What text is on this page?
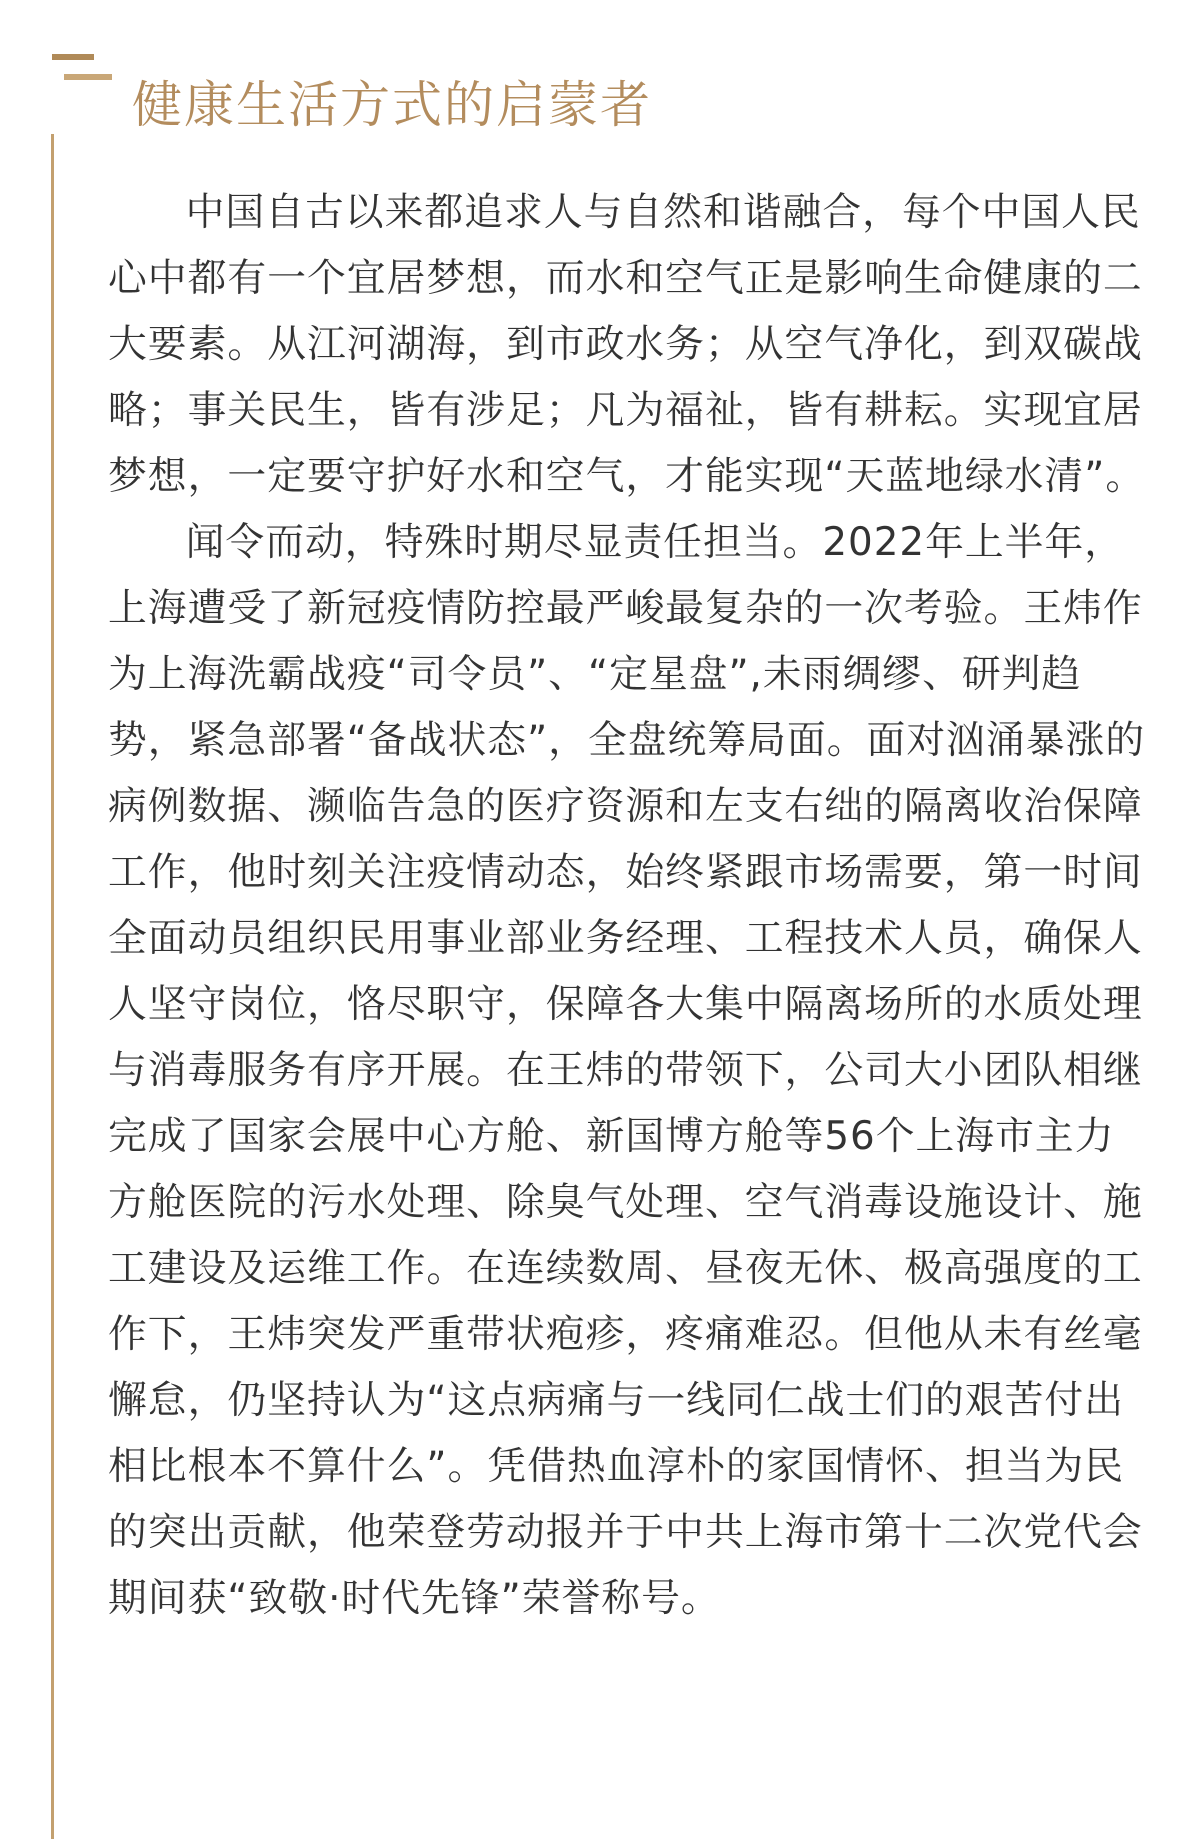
健康生活方式的启蒙者

中国自古以来都追求人与自然和谐融合，每个中国人民心中都有一个宜居梦想，而水和空气正是影响生命健康的二大要素。从江河湖海，到市政水务；从空气净化，到双碳战略；事关民生，皆有涉足；凡为福祉，皆有耕耘。实现宜居梦想，一定要守护好水和空气，才能实现“天蓝地绿水清”。

闻令而动，特殊时期尽显责任担当。2022年上半年，上海遭受了新冠疫情防控最严峻最复杂的一次考验。王炜作为上海洗霸战疫“司令员”、“定星盘”,未雨绸缪、研判趋势，紧急部署“备战状态”，全盘统筹局面。面对汹涌暴涨的病例数据、濒临告急的医疗资源和左支右绌的隔离收治保障工作，他时刻关注疫情动态，始终紧跟市场需要，第一时间全面动员组织民用事业部业务经理、工程技术人员，确保人人坚守岗位，恪尽职守，保障各大集中隔离场所的水质处理与消毒服务有序开展。在王炜的带领下，公司大小团队相继完成了国家会展中心方舱、新国博方舱等56个上海市主力方舱医院的污水处理、除臭气处理、空气消毒设施设计、施工建设及运维工作。在连续数周、昼夜无休、极高强度的工作下，王炜突发严重带状疱疹，疼痛难忍。但他从未有丝毫懈怠，仍坚持认为“这点病痛与一线同仁战士们的艰苦付出相比根本不算什么”。凭借热血淳朴的家国情怀、担当为民的突出贡献，他荣登劳动报并于中共上海市第十二次党代会期间获“致敬·时代先锋”荣誉称号。
